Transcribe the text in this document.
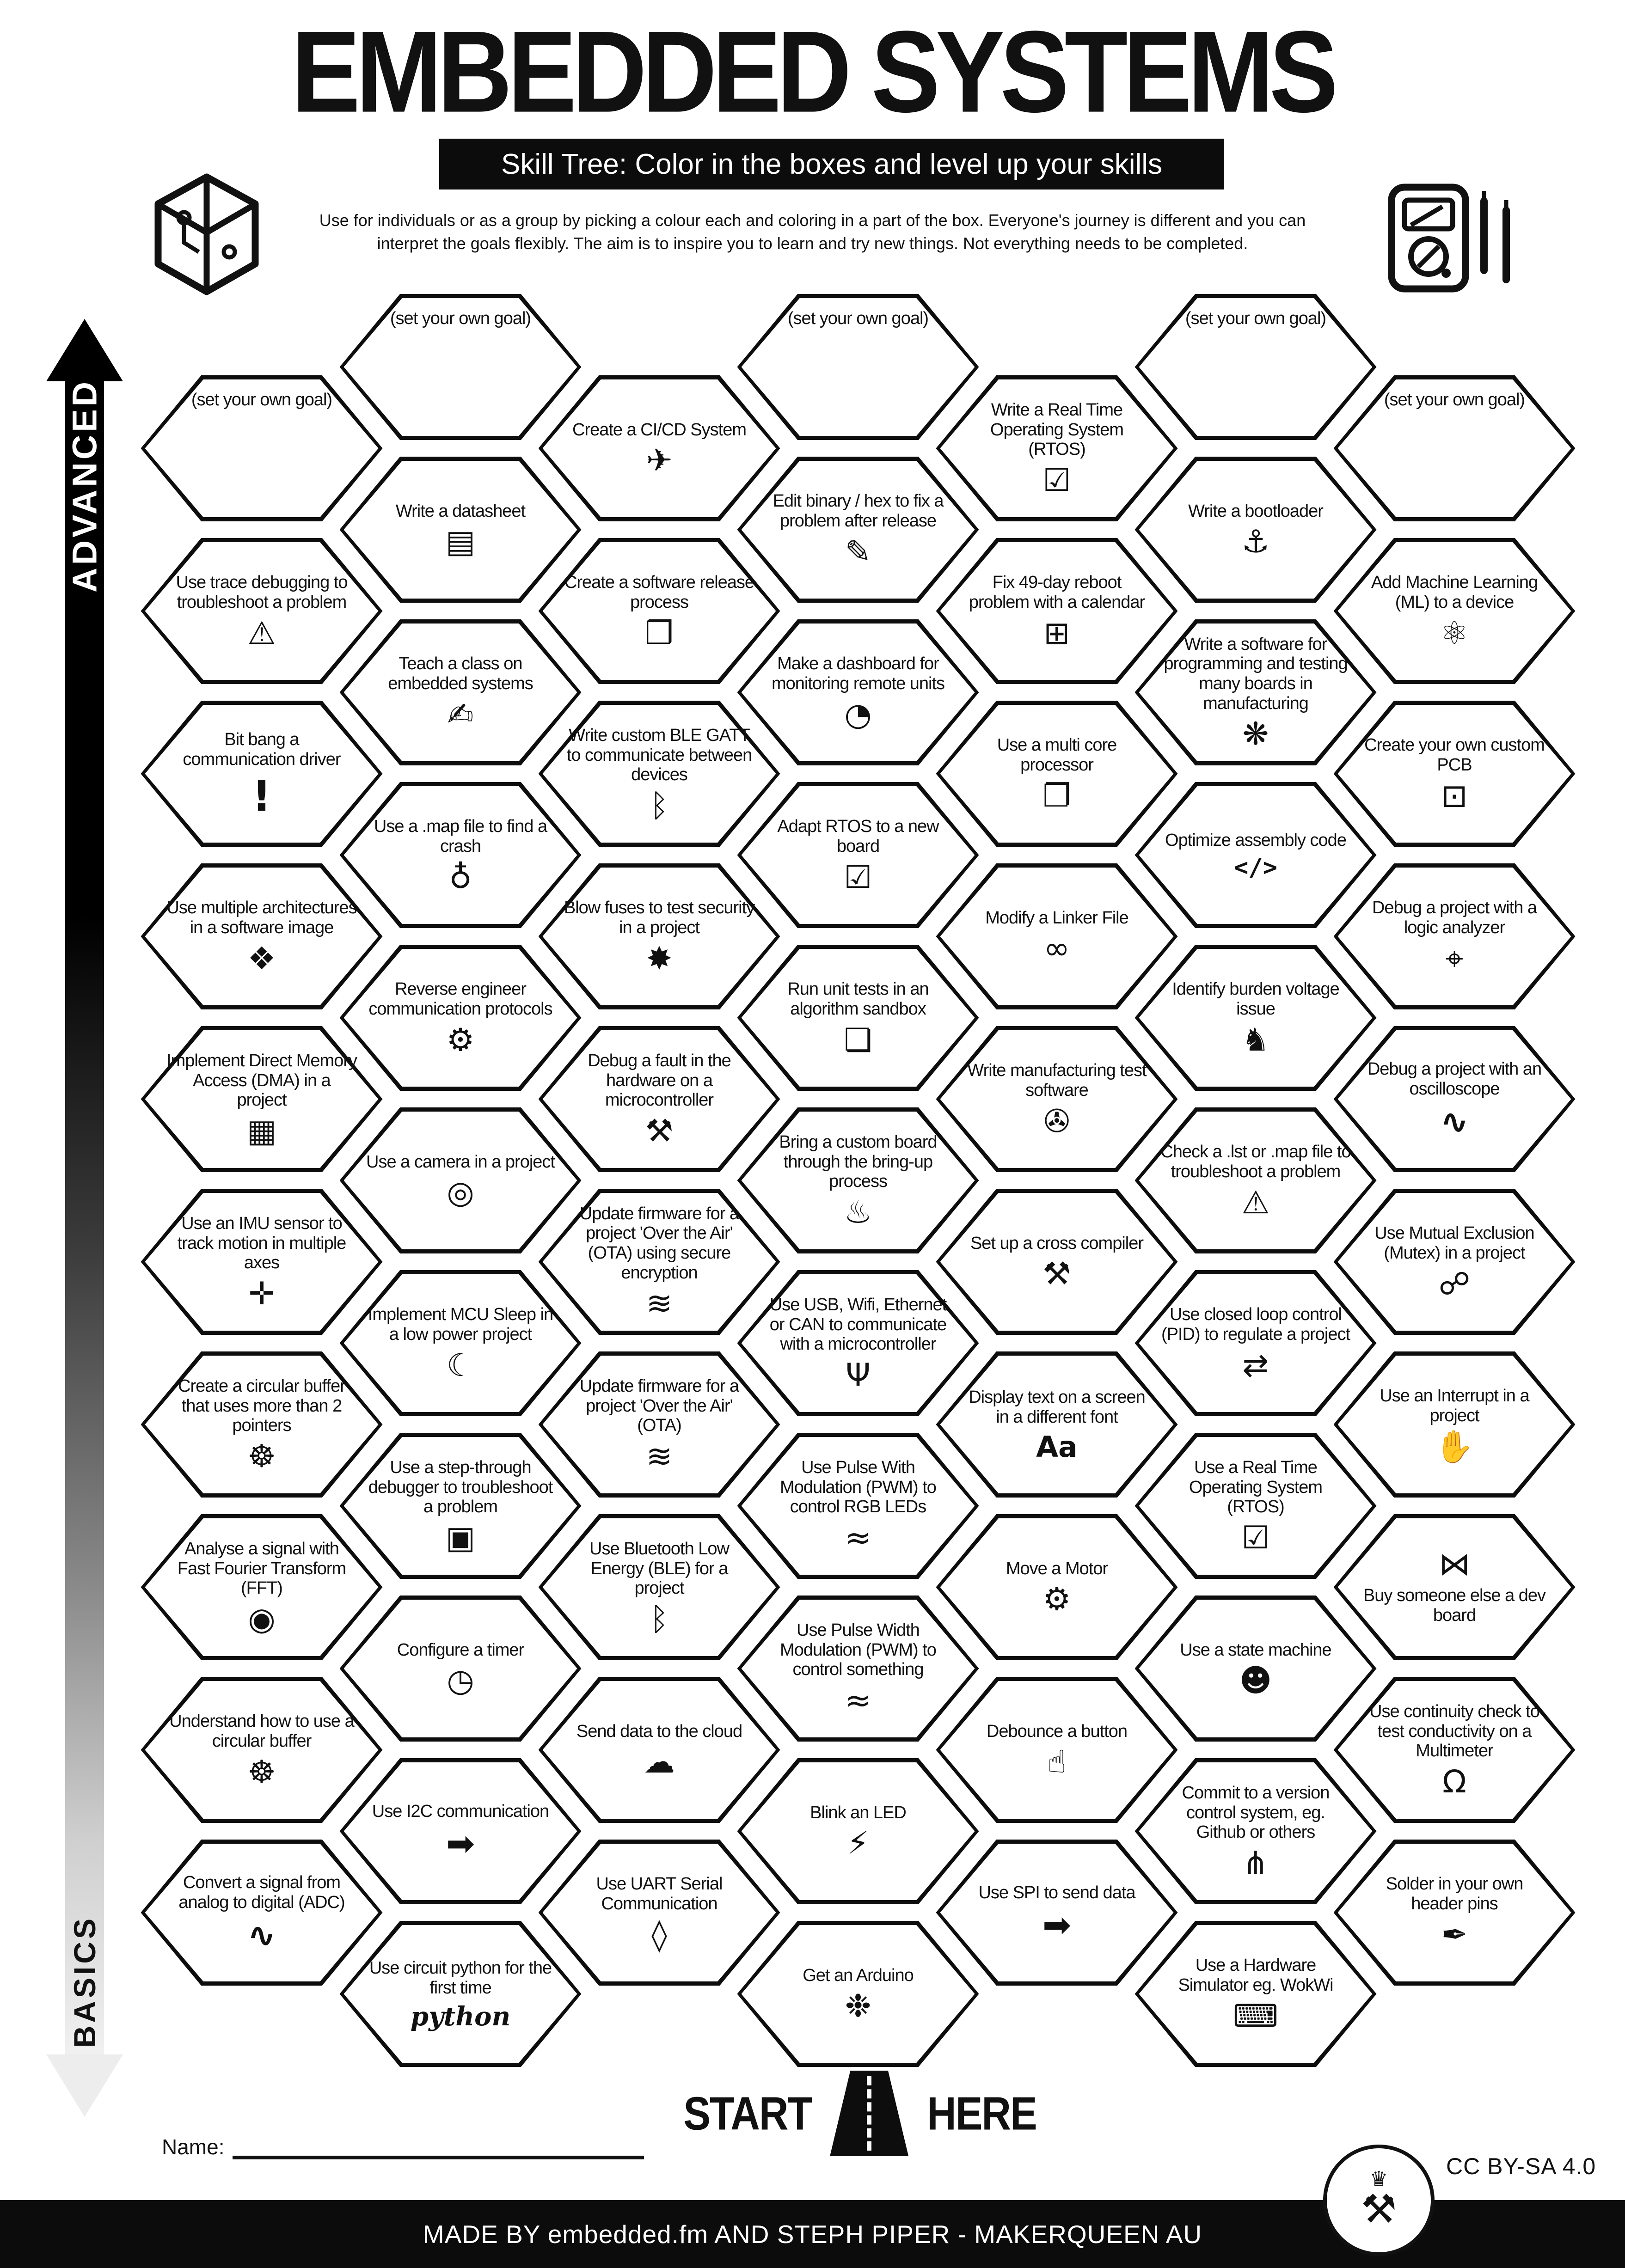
EMBEDDED SYSTEMS
Skill Tree: Color in the boxes and level up your skills
Use for individuals or as a group by picking a colour each and coloring in a part of the box. Everyone's journey is different and you can
interpret the goals flexibly. The aim is to inspire you to learn and try new things. Not everything needs to be completed.
ADVANCED
BASICS
(set your own goal)
Use trace debugging to troubleshoot a problem
⚠
Bit bang a communication driver
!
Use multiple architectures in a software image
❖
Implement Direct Memory Access (DMA) in a project
▦
Use an IMU sensor to track motion in multiple axes
✛
Create a circular buffer that uses more than 2 pointers
☸
Analyse a signal with Fast Fourier Transform (FFT)
◉
Understand how to use a circular buffer
☸
Convert a signal from analog to digital (ADC)
∿
(set your own goal)
Write a datasheet
▤
Teach a class on embedded systems
✍
Use a .map file to find a crash
♁
Reverse engineer communication protocols
⚙
Use a camera in a project
◎
Implement MCU Sleep in a low power project
☾
Use a step-through debugger to troubleshoot a problem
▣
Configure a timer
◷
Use I2C communication
➡
Use circuit python for the first time
python
Create a CI/CD System
✈
Create a software release process
❒
Write custom BLE GATT to communicate between devices
ᛒ
Blow fuses to test security in a project
✸
Debug a fault in the hardware on a microcontroller
⚒
Update firmware for a project 'Over the Air' (OTA) using secure encryption
≋
Update firmware for a project 'Over the Air' (OTA)
≋
Use Bluetooth Low Energy (BLE) for a project
ᛒ
Send data to the cloud
☁
Use UART Serial Communication
◊
(set your own goal)
Edit binary / hex to fix a problem after release
✎
Make a dashboard for monitoring remote units
◔
Adapt RTOS to a new board
☑
Run unit tests in an algorithm sandbox
❏
Bring a custom board through the bring-up process
♨
Use USB, Wifi, Ethernet or CAN to communicate with a microcontroller
Ψ
Use Pulse With Modulation (PWM) to control RGB LEDs
≈
Use Pulse Width Modulation (PWM) to control something
≈
Blink an LED
⚡
Get an Arduino
❉
Write a Real Time Operating System (RTOS)
☑
Fix 49-day reboot problem with a calendar
⊞
Use a multi core processor
❐
Modify a Linker File
∞
Write manufacturing test software
✇
Set up a cross compiler
⚒
Display text on a screen in a different font
Aa
Move a Motor
⚙
Debounce a button
☝
Use SPI to send data
➡
(set your own goal)
Write a bootloader
⚓
Write a software for programming and testing many boards in manufacturing
❋
Optimize assembly code
</>
Identify burden voltage issue
♞
Check a .lst or .map file to troubleshoot a problem
⚠
Use closed loop control (PID) to regulate a project
⇄
Use a Real Time Operating System (RTOS)
☑
Use a state machine
☻
Commit to a version control system, eg. Github or others
⋔
Use a Hardware Simulator eg. WokWi
⌨
(set your own goal)
Add Machine Learning (ML) to a device
⚛
Create your own custom PCB
⊡
Debug a project with a logic analyzer
⌖
Debug a project with an oscilloscope
∿
Use Mutual Exclusion (Mutex) in a project
☍
Use an Interrupt in a project
✋
⋈
Buy someone else a dev board
Use continuity check to test conductivity on a Multimeter
Ω
Solder in your own header pins
✒
START	HERE
Name:
CC BY-SA 4.0
♛
⚒
MADE BY embedded.fm AND STEPH PIPER - MAKERQUEEN AU
